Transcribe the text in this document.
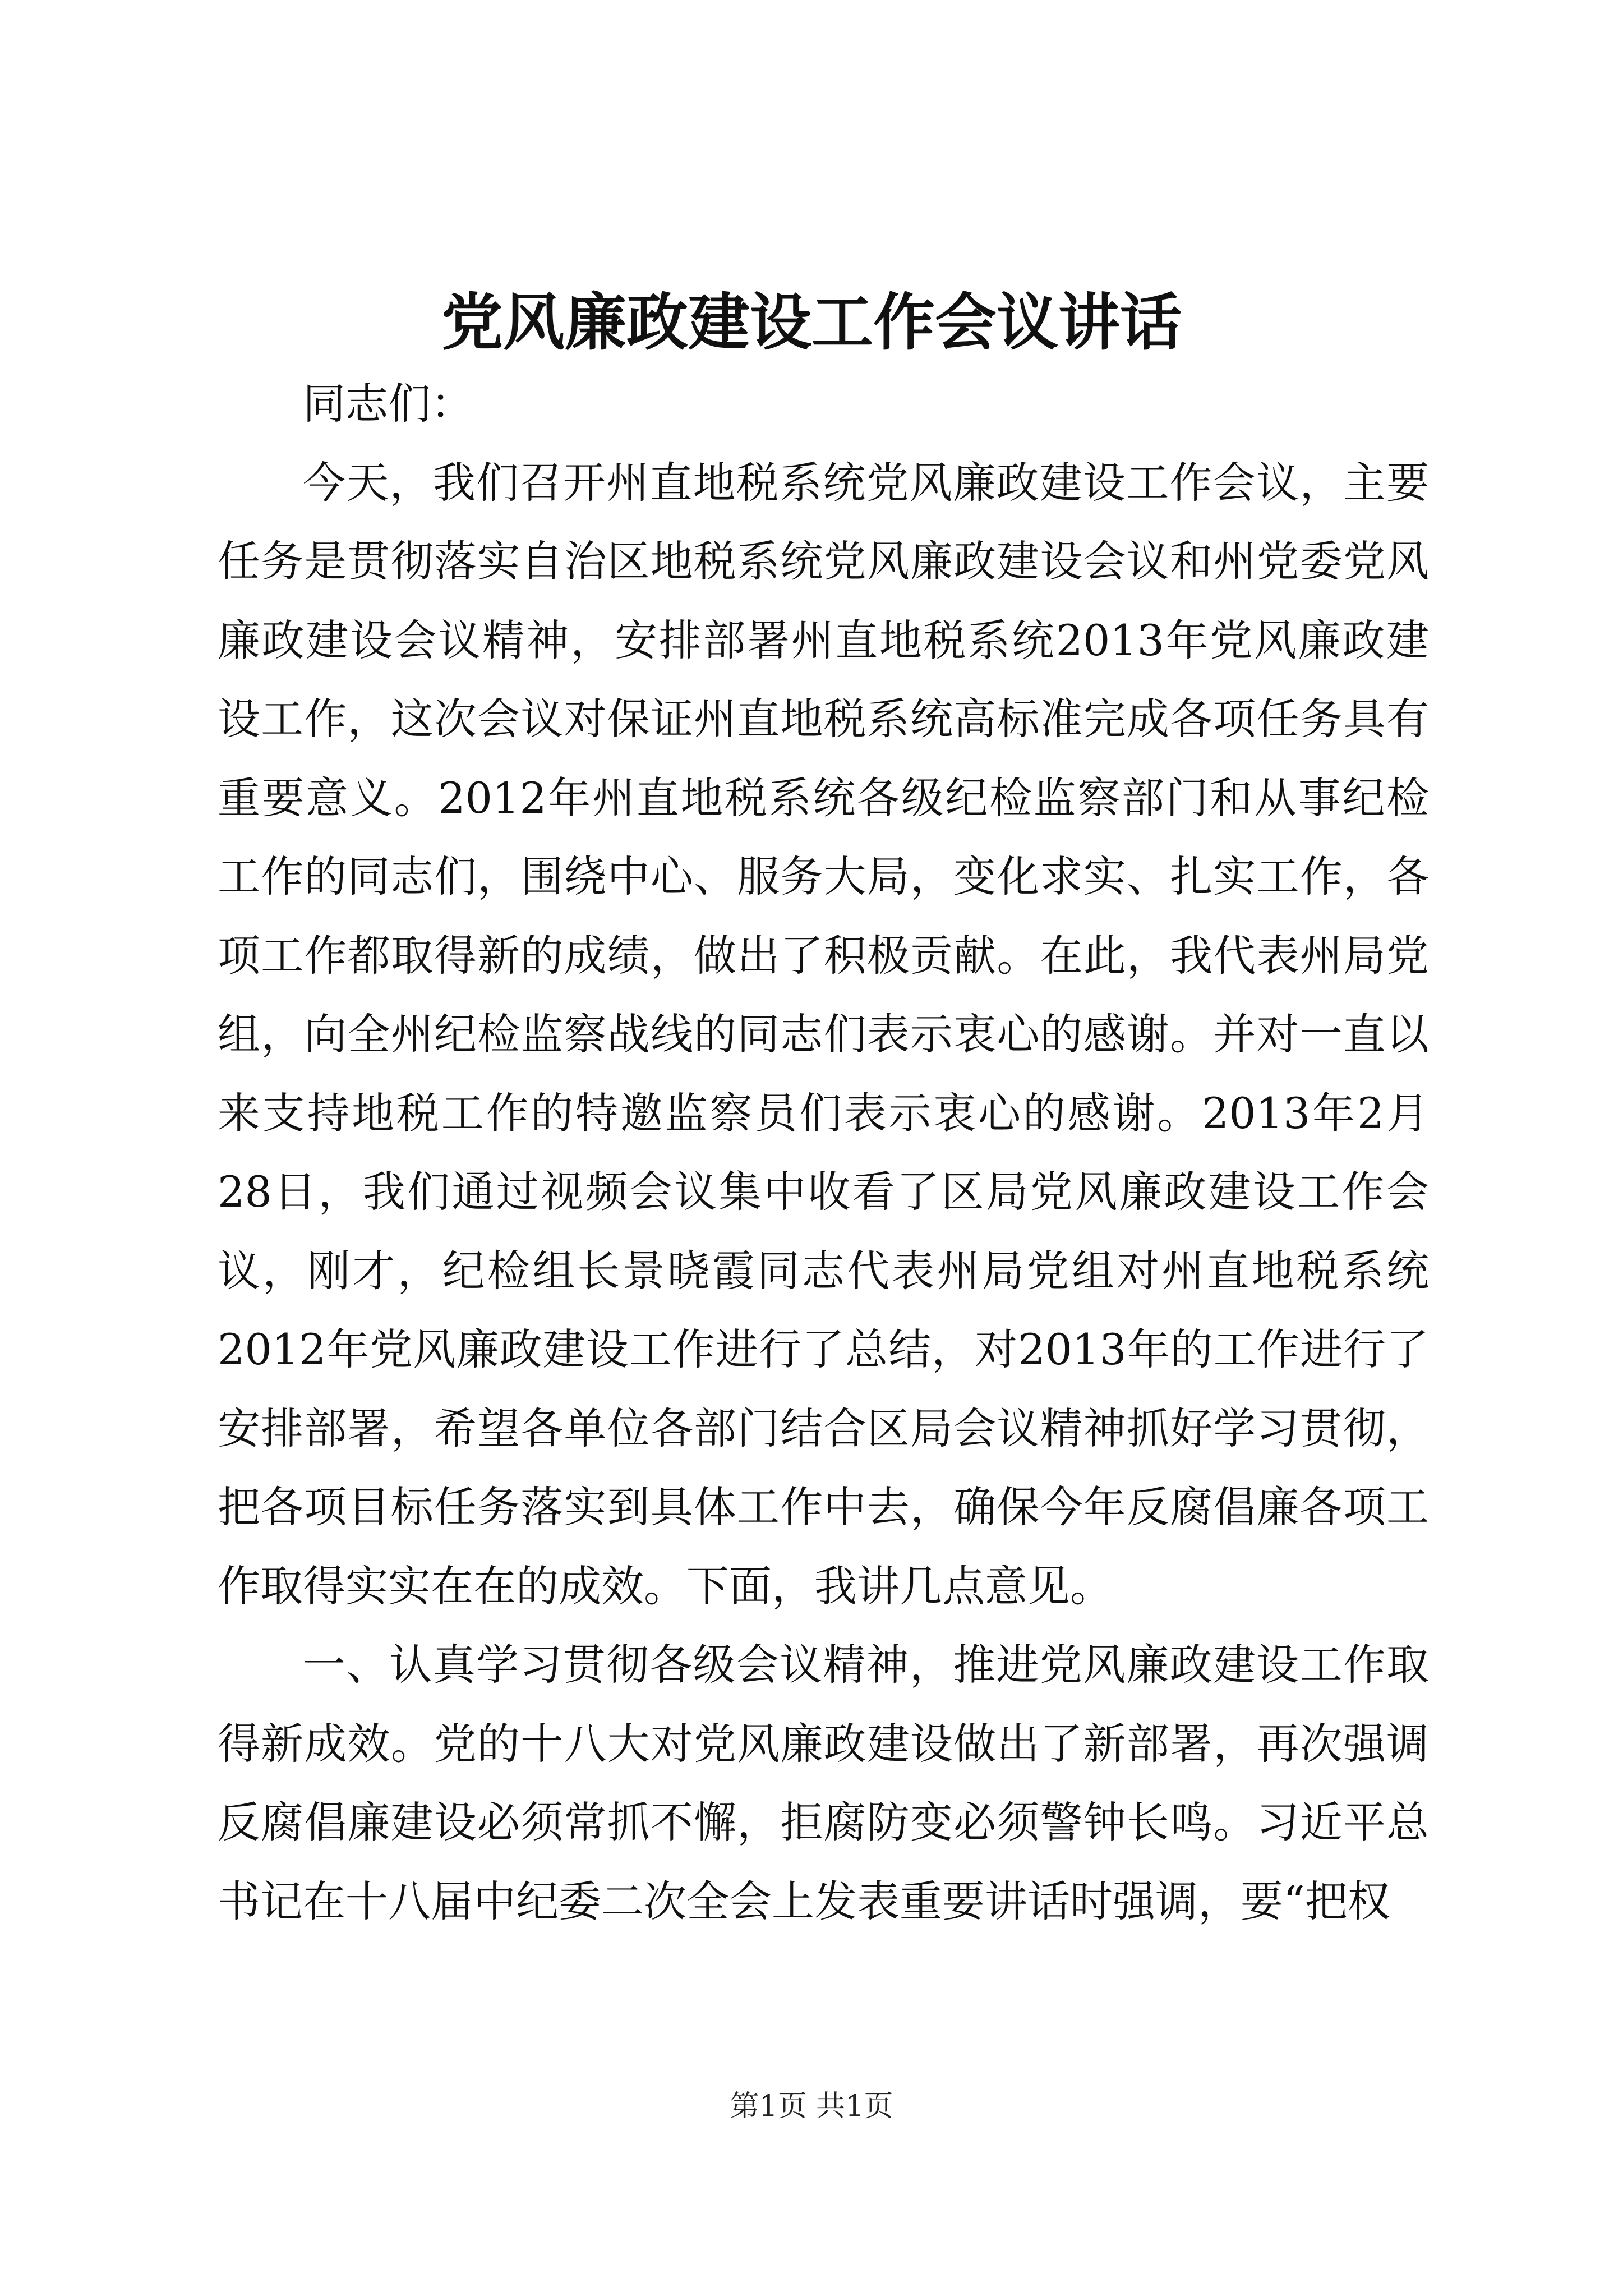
党风廉政建设工作会议讲话

同志们：

今天，我们召开州直地税系统党风廉政建设工作会议，主要任务是贯彻落实自治区地税系统党风廉政建设会议和州党委党风廉政建设会议精神，安排部署州直地税系统2013年党风廉政建设工作，这次会议对保证州直地税系统高标准完成各项任务具有重要意义。2012年州直地税系统各级纪检监察部门和从事纪检工作的同志们，围绕中心、服务大局，变化求实、扎实工作，各项工作都取得新的成绩，做出了积极贡献。在此，我代表州局党组，向全州纪检监察战线的同志们表示衷心的感谢。并对一直以来支持地税工作的特邀监察员们表示衷心的感谢。2013年2月28日，我们通过视频会议集中收看了区局党风廉政建设工作会议，刚才，纪检组长景晓霞同志代表州局党组对州直地税系统2012年党风廉政建设工作进行了总结，对2013年的工作进行了安排部署，希望各单位各部门结合区局会议精神抓好学习贯彻，把各项目标任务落实到具体工作中去，确保今年反腐倡廉各项工作取得实实在在的成效。下面，我讲几点意见。

一、认真学习贯彻各级会议精神，推进党风廉政建设工作取得新成效。党的十八大对党风廉政建设做出了新部署，再次强调反腐倡廉建设必须常抓不懈，拒腐防变必须警钟长鸣。习近平总书记在十八届中纪委二次全会上发表重要讲话时强调，要“把权

第1页 共1页
